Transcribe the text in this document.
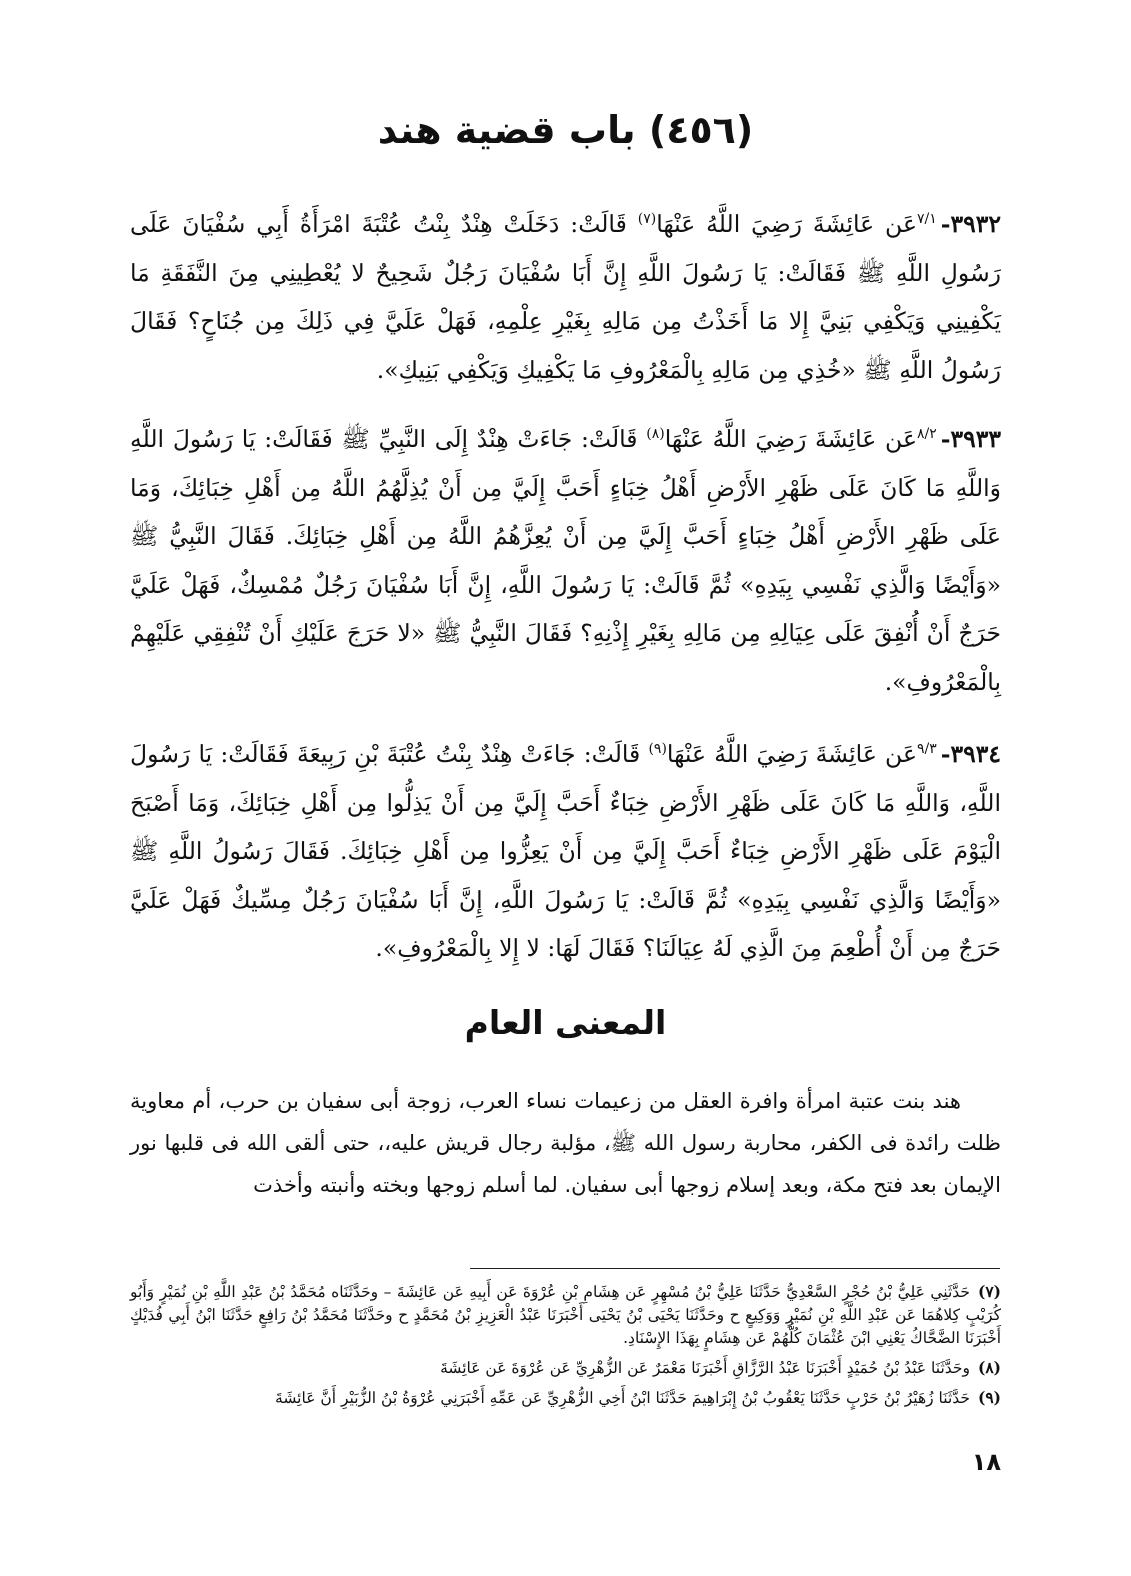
(٤٥٦) باب قضية هند

٣٩٣٢-$^{٧/١}$عَن عَائِشَةَ رَضِيَ اللَّهُ عَنْهَا$^{(٧)}$ قَالَتْ: دَخَلَتْ هِنْدٌ بِنْتُ عُتْبَةَ امْرَأَةُ أَبِي سُفْيَانَ عَلَى رَسُولِ اللَّهِ ﷺ فَقَالَتْ: يَا رَسُولَ اللَّهِ إِنَّ أَبَا سُفْيَانَ رَجُلٌ شَحِيحٌ لا يُعْطِينِي مِنَ النَّفَقَةِ مَا يَكْفِينِي وَيَكْفِي بَنِيَّ إِلا مَا أَخَذْتُ مِن مَالِهِ بِغَيْرِ عِلْمِهِ، فَهَلْ عَلَيَّ فِي ذَلِكَ مِن جُنَاحٍ؟ فَقَالَ رَسُولُ اللَّهِ ﷺ «خُذِي مِن مَالِهِ بِالْمَعْرُوفِ مَا يَكْفِيكِ وَيَكْفِي بَنِيكِ».

٣٩٣٣-$^{٨/٢}$عَن عَائِشَةَ رَضِيَ اللَّهُ عَنْهَا$^{(٨)}$ قَالَتْ: جَاءَتْ هِنْدٌ إِلَى النَّبِيِّ ﷺ فَقَالَتْ: يَا رَسُولَ اللَّهِ وَاللَّهِ مَا كَانَ عَلَى ظَهْرِ الأَرْضِ أَهْلُ خِبَاءٍ أَحَبَّ إِلَيَّ مِن أَنْ يُذِلَّهُمُ اللَّهُ مِن أَهْلِ خِبَائِكَ، وَمَا عَلَى ظَهْرِ الأَرْضِ أَهْلُ خِبَاءٍ أَحَبَّ إِلَيَّ مِن أَنْ يُعِزَّهُمُ اللَّهُ مِن أَهْلِ خِبَائِكَ. فَقَالَ النَّبِيُّ ﷺ «وَأَيْضًا وَالَّذِي نَفْسِي بِيَدِهِ» ثُمَّ قَالَتْ: يَا رَسُولَ اللَّهِ، إِنَّ أَبَا سُفْيَانَ رَجُلٌ مُمْسِكٌ، فَهَلْ عَلَيَّ حَرَجٌ أَنْ أُنْفِقَ عَلَى عِيَالِهِ مِن مَالِهِ بِغَيْرِ إِذْنِهِ؟ فَقَالَ النَّبِيُّ ﷺ «لا حَرَجَ عَلَيْكِ أَنْ تُنْفِقِي عَلَيْهِمْ بِالْمَعْرُوفِ».

٣٩٣٤-$^{٩/٣}$عَن عَائِشَةَ رَضِيَ اللَّهُ عَنْهَا$^{(٩)}$ قَالَتْ: جَاءَتْ هِنْدٌ بِنْتُ عُتْبَةَ بْنِ رَبِيعَةَ فَقَالَتْ: يَا رَسُولَ اللَّهِ، وَاللَّهِ مَا كَانَ عَلَى ظَهْرِ الأَرْضِ خِبَاءٌ أَحَبَّ إِلَيَّ مِن أَنْ يَذِلُّوا مِن أَهْلِ خِبَائِكَ، وَمَا أَصْبَحَ الْيَوْمَ عَلَى ظَهْرِ الأَرْضِ خِبَاءٌ أَحَبَّ إِلَيَّ مِن أَنْ يَعِزُّوا مِن أَهْلِ خِبَائِكَ. فَقَالَ رَسُولُ اللَّهِ ﷺ «وَأَيْضًا وَالَّذِي نَفْسِي بِيَدِهِ» ثُمَّ قَالَتْ: يَا رَسُولَ اللَّهِ، إِنَّ أَبَا سُفْيَانَ رَجُلٌ مِسِّيكٌ فَهَلْ عَلَيَّ حَرَجٌ مِن أَنْ أُطْعِمَ مِنَ الَّذِي لَهُ عِيَالَنَا؟ فَقَالَ لَهَا: لا إِلا بِالْمَعْرُوفِ».

المعنى العام

هند بنت عتبة امرأة وافرة العقل من زعيمات نساء العرب، زوجة أبى سفيان بن حرب، أم معاوية ظلت رائدة فى الكفر، محاربة رسول الله ﷺ، مؤلبة رجال قريش عليه،، حتى ألقى الله فى قلبها نور الإيمان بعد فتح مكة، وبعد إسلام زوجها أبى سفيان. لما أسلم زوجها وبخته وأنبته وأخذت

(٧)حَدَّثَنِي عَلِيُّ بْنُ حُجْرٍ السَّعْدِيُّ حَدَّثَنَا عَلِيُّ بْنُ مُسْهِرٍ عَن هِشَامِ بْنِ عُرْوَةَ عَن أَبِيهِ عَن عَائِشَةَ – وحَدَّثَنَاه مُحَمَّدُ بْنُ عَبْدِ اللَّهِ بْنِ نُمَيْرٍ وَأَبُو كُرَيْبٍ كِلاهُمَا عَن عَبْدِ اللَّهِ بْنِ نُمَيْرٍ وَوَكِيعٍ ح وحَدَّثَنَا يَحْيَى بْنُ يَحْيَى أَخْبَرَنَا عَبْدُ الْعَزِيزِ بْنُ مُحَمَّدٍ ح وحَدَّثَنَا مُحَمَّدُ بْنُ رَافِعٍ حَدَّثَنَا ابْنُ أَبِي فُدَيْكٍ أَخْبَرَنَا الضَّحَّاكُ يَعْنِي ابْنَ عُثْمَانَ كُلُّهُمْ عَن هِشَامٍ بِهَذَا الإِسْنَادِ.

(٨)وحَدَّثَنَا عَبْدُ بْنُ حُمَيْدٍ أَخْبَرَنَا عَبْدُ الرَّزَّاقِ أَخْبَرَنَا مَعْمَرٌ عَن الزُّهْرِيِّ عَن عُرْوَةَ عَن عَائِشَةَ

(٩)حَدَّثَنَا زُهَيْرُ بْنُ حَرْبٍ حَدَّثَنَا يَعْقُوبُ بْنُ إِبْرَاهِيمَ حَدَّثَنَا ابْنُ أَخِي الزُّهْرِيِّ عَن عَمِّهِ أَخْبَرَنِي عُرْوَةُ بْنُ الزُّبَيْرِ أَنَّ عَائِشَةَ

١٨
